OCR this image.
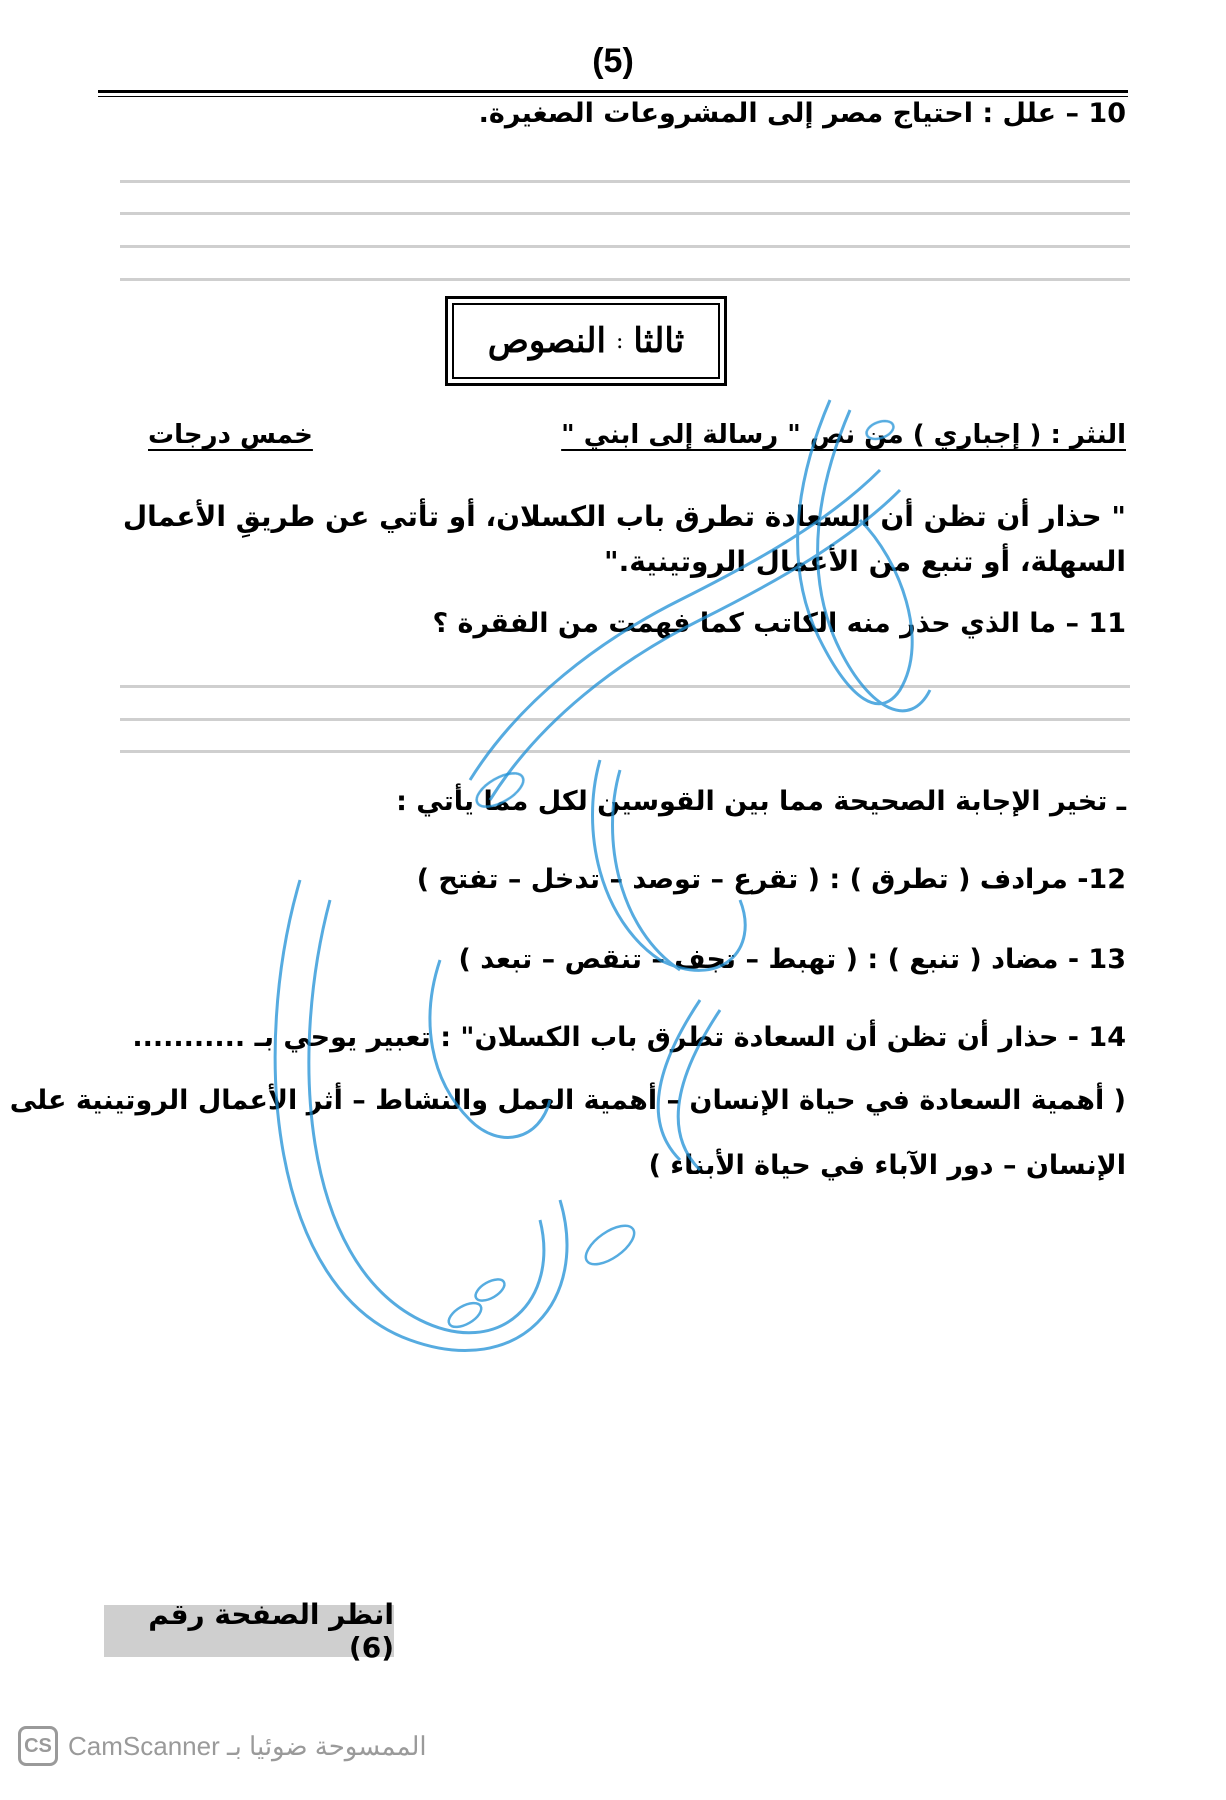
(5)
10 – علل : احتياج مصر إلى المشروعات الصغيرة.
ثالثا
:
النصوص
النثر : ( إجباري ) من نص " رسالة إلى ابني "
خمس درجات
" حذار أن تظن أن السعادة تطرق باب الكسلان، أو تأتي عن طريقِ الأعمال
السهلة، أو تنبع من الأعمال الروتينية."
11 – ما الذي حذر منه الكاتب كما فهمت من الفقرة ؟
ـ تخير الإجابة الصحيحة مما بين القوسين لكل مما يأتي :
12- مرادف ( تطرق ) : ( تقرع – توصد – تدخل – تفتح )
13 - مضاد ( تنبع ) : ( تهبط – تجف – تنقص – تبعد )
14 - حذار أن تظن أن السعادة تطرق باب الكسلان" : تعبير يوحي بـ ...........
( أهمية السعادة في حياة الإنسان – أهمية العمل والنشاط – أثر الأعمال الروتينية على
الإنسان – دور الآباء في حياة الأبناء )
انظر الصفحة رقم (6)
CS CamScanner الممسوحة ضوئيا بـ
